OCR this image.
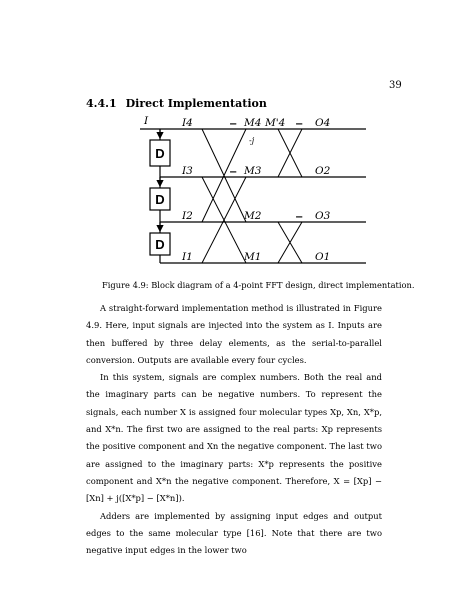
39
4.4.1 Direct Implementation
D
D
D
I	I4
I3
I2
I1
M4 M'4
M3
M2
M1
-j
O4
O2
O3
O1
−
−
−
−
Figure 4.9: Block diagram of a 4-point FFT design, direct implementation.

A straight-forward implementation method is illustrated in Figure 4.9. Here, input signals are injected into the system as I. Inputs are then buffered by three delay elements, as the serial-to-parallel conversion. Outputs are available every four cycles.

In this system, signals are complex numbers. Both the real and the imaginary parts can be negative numbers. To represent the signals, each number X is assigned four molecular types Xp, Xn, X*p, and X*n. The first two are assigned to the real parts: Xp represents the positive component and Xn the negative component. The last two are assigned to the imaginary parts: X*p represents the positive component and X*n the negative component. Therefore, X = [Xp] − [Xn] + j([X*p] − [X*n]).

Adders are implemented by assigning input edges and output edges to the same molecular type [16]. Note that there are two negative input edges in the lower two
